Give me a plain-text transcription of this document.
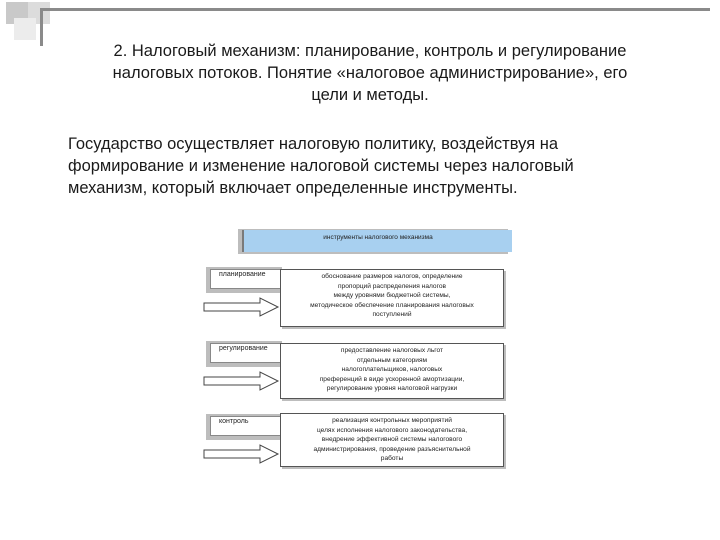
2. Налоговый механизм: планирование, контроль и регулирование
налоговых потоков. Понятие «налоговое администрирование», его
цели и методы.
Государство осуществляет налоговую политику, воздействуя на
формирование и изменение налоговой системы через налоговый
механизм, который включает определенные инструменты.
инструменты налогового механизма
планирование	обоснование размеров налогов, определение
пропорций распределения налогов
между уровнями бюджетной системы,
методическое обеспечение планирования налоговых
поступлений
регулирование	предоставление налоговых льгот
отдельным категориям
налогоплательщиков, налоговых
преференций в виде ускоренной амортизации,
регулирование уровня налоговой нагрузки
контроль	реализация контрольных мероприятий
целях исполнения налогового законодательства,
внедрение эффективной системы налогового
администрирования, проведение разъяснительной
работы
